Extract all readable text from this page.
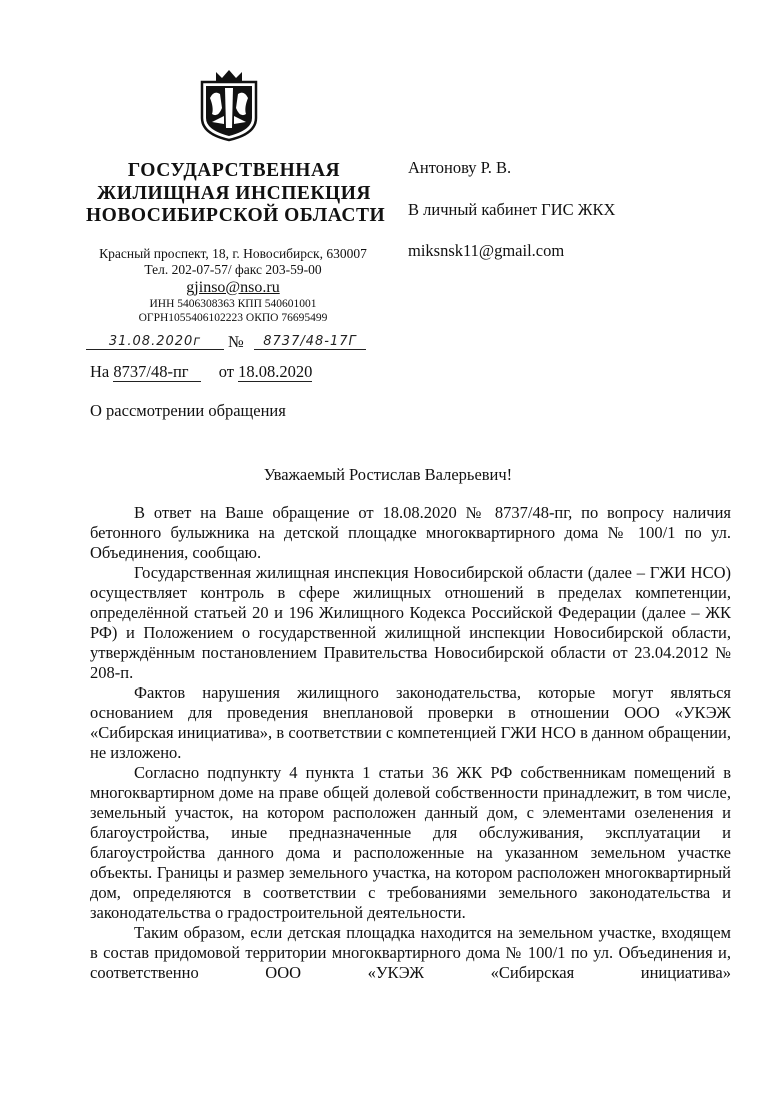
ГОСУДАРСТВЕННАЯ
ЖИЛИЩНАЯ ИНСПЕКЦИЯ
НОВОСИБИРСКОЙ ОБЛАСТИ
Красный проспект, 18, г. Новосибирск, 630007
Тел. 202-07-57/ факс 203-59-00
gjinso@nso.ru
ИНН 5406308363 КПП 540601001
ОГРН1055406102223 ОКПО 76695499
31.08.2020г	№	8737/48-17Г
На 8737/48-пг от 18.08.2020
О рассмотрении обращения
Антонову Р. В.
В личный кабинет ГИС ЖКХ
miksnsk11@gmail.com
Уважаемый Ростислав Валерьевич!

В ответ на Ваше обращение от 18.08.2020 № 8737/48-пг, по вопросу наличия бетонного булыжника на детской площадке многоквартирного дома № 100/1 по ул. Объединения, сообщаю.

Государственная жилищная инспекция Новосибирской области (далее – ГЖИ НСО) осуществляет контроль в сфере жилищных отношений в пределах компетенции, определённой статьей 20 и 196 Жилищного Кодекса Российской Федерации (далее – ЖК РФ) и Положением о государственной жилищной инспекции Новосибирской области, утверждённым постановлением Правительства Новосибирской области от 23.04.2012 № 208-п.

Фактов нарушения жилищного законодательства, которые могут являться основанием для проведения внеплановой проверки в отношении ООО «УКЭЖ «Сибирская инициатива», в соответствии с компетенцией ГЖИ НСО в данном обращении, не изложено.

Согласно подпункту 4 пункта 1 статьи 36 ЖК РФ собственникам помещений в многоквартирном доме на праве общей долевой собственности принадлежит, в том числе, земельный участок, на котором расположен данный дом, с элементами озеленения и благоустройства, иные предназначенные для обслуживания, эксплуатации и благоустройства данного дома и расположенные на указанном земельном участке объекты. Границы и размер земельного участка, на котором расположен многоквартирный дом, определяются в соответствии с требованиями земельного законодательства и законодательства о градостроительной деятельности.

Таким образом, если детская площадка находится на земельном участке, входящем в состав придомовой территории многоквартирного дома № 100/1 по ул. Объединения и, соответственно ООО «УКЭЖ «Сибирская инициатива»
